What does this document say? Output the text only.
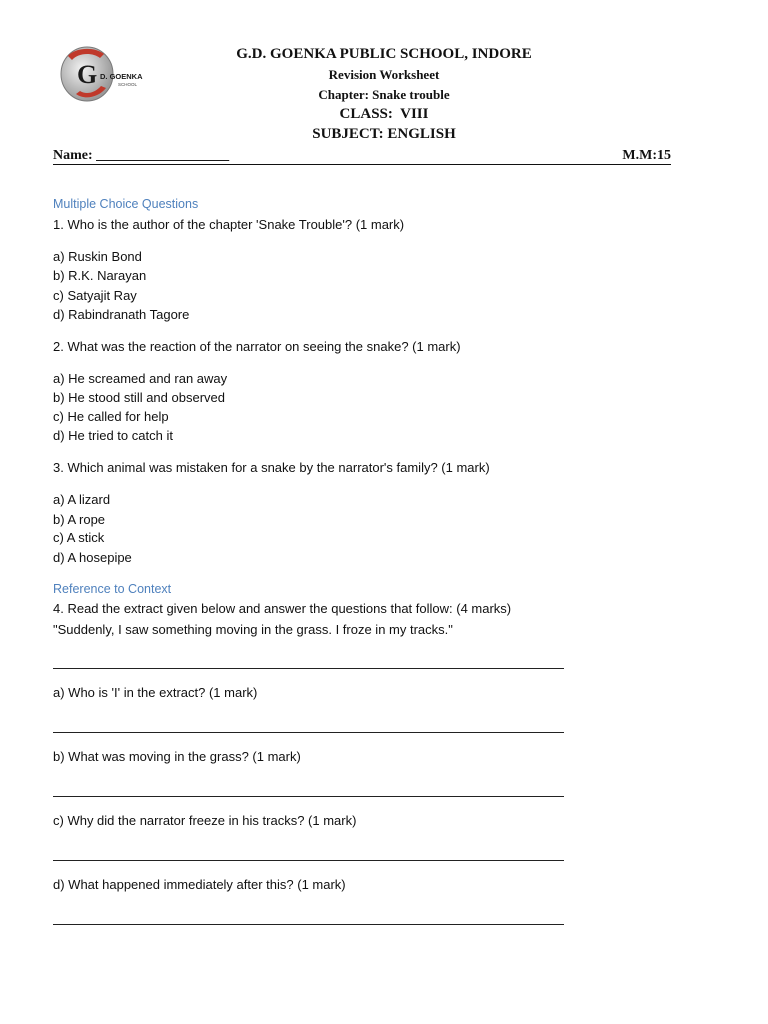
G D. GOENKA
SCHOOL
G.D. GOENKA PUBLIC SCHOOL, INDORE
Revision Worksheet
Chapter: Snake trouble
CLASS:  VIII
SUBJECT: ENGLISH
Name: ___________________	M.M:15
Multiple Choice Questions
1. Who is the author of the chapter 'Snake Trouble'? (1 mark)
a) Ruskin Bond
b) R.K. Narayan
c) Satyajit Ray
d) Rabindranath Tagore
2. What was the reaction of the narrator on seeing the snake? (1 mark)
a) He screamed and ran away
b) He stood still and observed
c) He called for help
d) He tried to catch it
3. Which animal was mistaken for a snake by the narrator's family? (1 mark)
a) A lizard
b) A rope
c) A stick
d) A hosepipe
Reference to Context
4. Read the extract given below and answer the questions that follow: (4 marks)
"Suddenly, I saw something moving in the grass. I froze in my tracks."
a) Who is 'I' in the extract? (1 mark)
b) What was moving in the grass? (1 mark)
c) Why did the narrator freeze in his tracks? (1 mark)
d) What happened immediately after this? (1 mark)
